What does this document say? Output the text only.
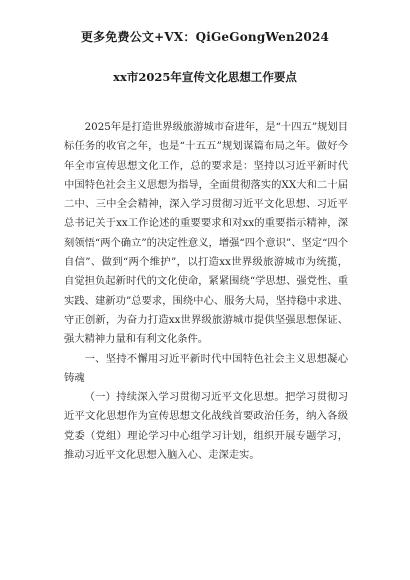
更多免费公文+VX：QiGeGongWen2024
xx市2025年宣传文化思想工作要点

2025年是打造世界级旅游城市奋进年，是“十四五”规划目标任务的收官之年，也是“十五五”规划谋篇布局之年。做好今年全市宣传思想文化工作，总的要求是：坚持以习近平新时代中国特色社会主义思想为指导，全面贯彻落实的XX大和二十届二中、三中全会精神，深入学习贯彻习近平文化思想、习近平总书记关于xx工作论述的重要要求和对xx的重要指示精神，深刻领悟“两个确立”的决定性意义，增强“四个意识”、坚定“四个自信”、做到“两个维护”，以打造xx世界级旅游城市为统揽，自觉担负起新时代的文化使命，紧紧围绕“学思想、强党性、重实践、建新功”总要求，围绕中心、服务大局，坚持稳中求进、守正创新，为奋力打造xx世界级旅游城市提供坚强思想保证、强大精神力量和有利文化条件。

一、坚持不懈用习近平新时代中国特色社会主义思想凝心铸魂

（一）持续深入学习贯彻习近平文化思想。把学习贯彻习近平文化思想作为宣传思想文化战线首要政治任务，纳入各级党委（党组）理论学习中心组学习计划，组织开展专题学习，推动习近平文化思想入脑入心、走深走实。
